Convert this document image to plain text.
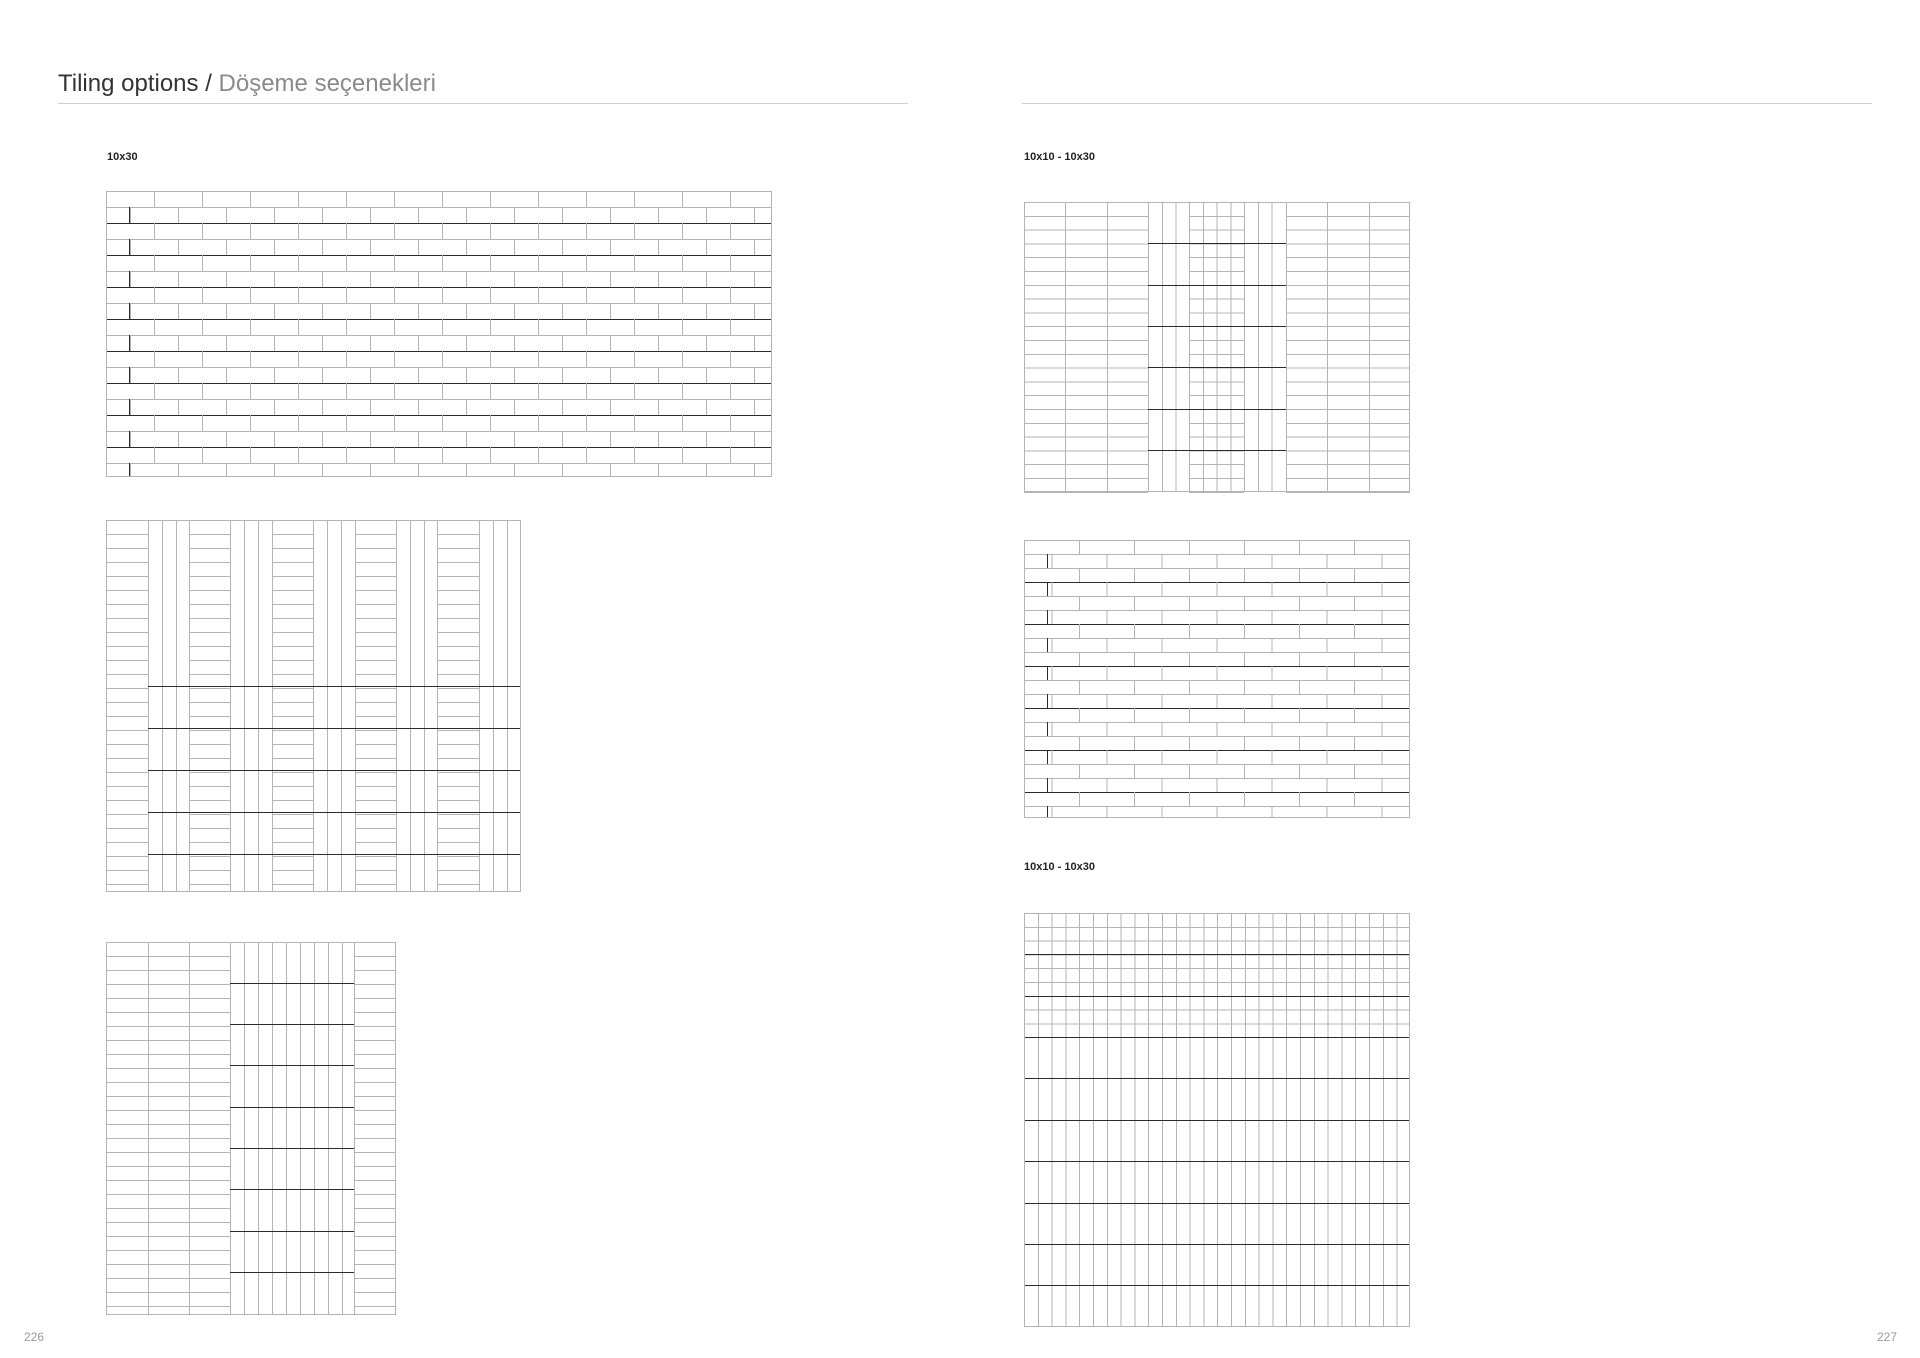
Tiling options / Döşeme seçenekleri
10x30	10x10 - 10x30
10x10 - 10x30
226	227
